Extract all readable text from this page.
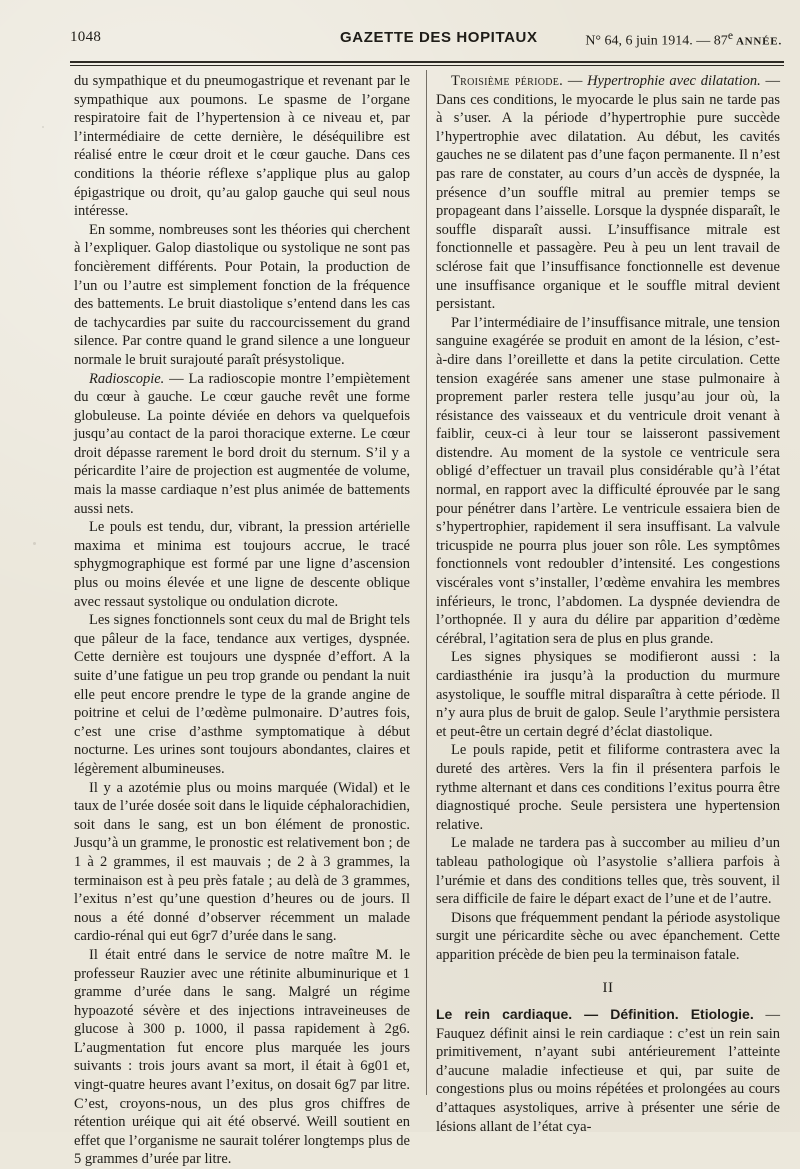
1048	GAZETTE DES HOPITAUX	N° 64, 6 juin 1914. — 87e ANNÉE.

du sympathique et du pneumogastrique et revenant par le sympathique aux poumons. Le spasme de l’organe respiratoire fait de l’hypertension à ce niveau et, par l’intermédiaire de cette dernière, le déséquilibre est réalisé entre le cœur droit et le cœur gauche. Dans ces conditions la théorie réflexe s’applique plus au galop épigastrique ou droit, qu’au galop gauche qui seul nous intéresse.

En somme, nombreuses sont les théories qui cherchent à l’expliquer. Galop diastolique ou systolique ne sont pas foncièrement différents. Pour Potain, la production de l’un ou l’autre est simplement fonction de la fréquence des battements. Le bruit diastolique s’entend dans les cas de tachycardies par suite du raccourcissement du grand silence. Par contre quand le grand silence a une longueur normale le bruit surajouté paraît présystolique.

Radioscopie. — La radioscopie montre l’empiètement du cœur à gauche. Le cœur gauche revêt une forme globuleuse. La pointe déviée en dehors va quelquefois jusqu’au contact de la paroi thoracique externe. Le cœur droit dépasse rarement le bord droit du sternum. S’il y a péricardite l’aire de projection est augmentée de volume, mais la masse cardiaque n’est plus animée de battements aussi nets.

Le pouls est tendu, dur, vibrant, la pression artérielle maxima et minima est toujours accrue, le tracé sphygmographique est formé par une ligne d’ascension plus ou moins élevée et une ligne de descente oblique avec ressaut systolique ou ondulation dicrote.

Les signes fonctionnels sont ceux du mal de Bright tels que pâleur de la face, tendance aux vertiges, dyspnée. Cette dernière est toujours une dyspnée d’effort. A la suite d’une fatigue un peu trop grande ou pendant la nuit elle peut encore prendre le type de la grande angine de poitrine et celui de l’œdème pulmonaire. D’autres fois, c’est une crise d’asthme symptomatique à début nocturne. Les urines sont toujours abondantes, claires et légèrement albumineuses.

Il y a azotémie plus ou moins marquée (Widal) et le taux de l’urée dosée soit dans le liquide céphalorachidien, soit dans le sang, est un bon élément de pronostic. Jusqu’à un gramme, le pronostic est relativement bon ; de 1 à 2 grammes, il est mauvais ; de 2 à 3 grammes, la terminaison est à peu près fatale ; au delà de 3 grammes, l’exitus n’est qu’une question d’heures ou de jours. Il nous a été donné d’observer récemment un malade cardio-rénal qui eut 6gr7 d’urée dans le sang.

Il était entré dans le service de notre maître M. le professeur Rauzier avec une rétinite albuminurique et 1 gramme d’urée dans le sang. Malgré un régime hypoazoté sévère et des injections intraveineuses de glucose à 300 p. 1000, il passa rapidement à 2g6. L’augmentation fut encore plus marquée les jours suivants : trois jours avant sa mort, il était à 6g01 et, vingt-quatre heures avant l’exitus, on dosait 6g7 par litre. C’est, croyons-nous, un des plus gros chiffres de rétention uréique qui ait été observé. Weill soutient en effet que l’organisme ne saurait tolérer longtemps plus de 5 grammes d’urée par litre.

Troisième période. — Hypertrophie avec dilatation. — Dans ces conditions, le myocarde le plus sain ne tarde pas à s’user. A la période d’hypertrophie pure succède l’hypertrophie avec dilatation. Au début, les cavités gauches ne se dilatent pas d’une façon permanente. Il n’est pas rare de constater, au cours d’un accès de dyspnée, la présence d’un souffle mitral au premier temps se propageant dans l’aisselle. Lorsque la dyspnée disparaît, le souffle disparaît aussi. L’insuffisance mitrale est fonctionnelle et passagère. Peu à peu un lent travail de sclérose fait que l’insuffisance fonctionnelle est devenue une insuffisance organique et le souffle mitral devient persistant.

Par l’intermédiaire de l’insuffisance mitrale, une tension sanguine exagérée se produit en amont de la lésion, c’est-à-dire dans l’oreillette et dans la petite circulation. Cette tension exagérée sans amener une stase pulmonaire à proprement parler restera telle jusqu’au jour où, la résistance des vaisseaux et du ventricule droit venant à faiblir, ceux-ci à leur tour se laisseront passivement distendre. Au moment de la systole ce ventricule sera obligé d’effectuer un travail plus considérable qu’à l’état normal, en rapport avec la difficulté éprouvée par le sang pour pénétrer dans l’artère. Le ventricule essaiera bien de s’hypertrophier, rapidement il sera insuffisant. La valvule tricuspide ne pourra plus jouer son rôle. Les symptômes fonctionnels vont redoubler d’intensité. Les congestions viscérales vont s’installer, l’œdème envahira les membres inférieurs, le tronc, l’abdomen. La dyspnée deviendra de l’orthopnée. Il y aura du délire par apparition d’œdème cérébral, l’agitation sera de plus en plus grande.

Les signes physiques se modifieront aussi : la cardiasthénie ira jusqu’à la production du murmure asystolique, le souffle mitral disparaîtra à cette période. Il n’y aura plus de bruit de galop. Seule l’arythmie persistera et peut-être un certain degré d’éclat diastolique.

Le pouls rapide, petit et filiforme contrastera avec la dureté des artères. Vers la fin il présentera parfois le rythme alternant et dans ces conditions l’exitus pourra être diagnostiqué proche. Seule persistera une hypertension relative.

Le malade ne tardera pas à succomber au milieu d’un tableau pathologique où l’asystolie s’alliera parfois à l’urémie et dans des conditions telles que, très souvent, il sera difficile de faire le départ exact de l’une et de l’autre.

Disons que fréquemment pendant la période asystolique surgit une péricardite sèche ou avec épanchement. Cette apparition précède de bien peu la terminaison fatale.

II

Le rein cardiaque. — Définition. Etiologie. — Fauquez définit ainsi le rein cardiaque : c’est un rein sain primitivement, n’ayant subi antérieurement l’atteinte d’aucune maladie infectieuse et qui, par suite de congestions plus ou moins répétées et prolongées au cours d’attaques asystoliques, arrive à présenter une série de lésions allant de l’état cya-
